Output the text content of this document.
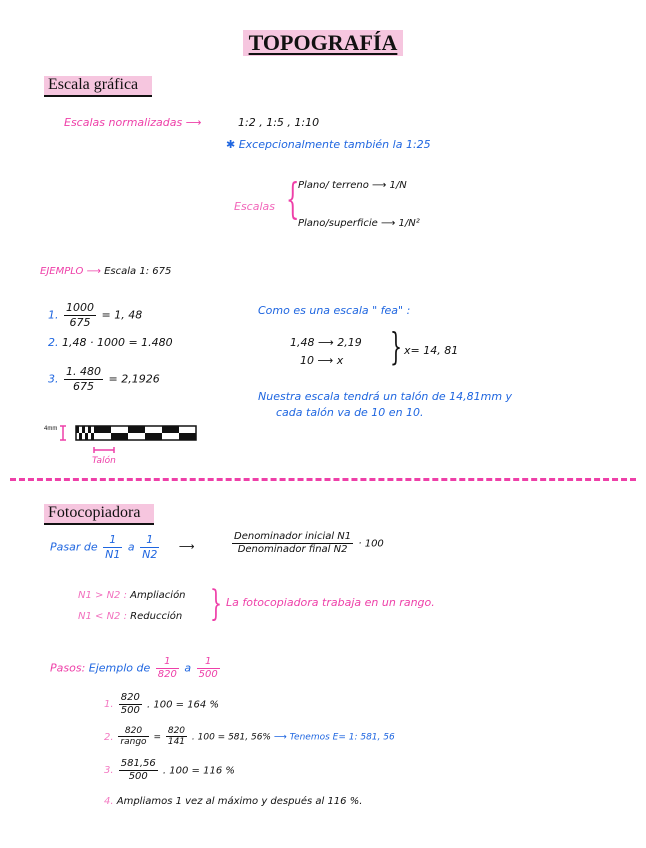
TOPOGRAFÍA
Escala gráfica
Escalas normalizadas ⟶	1:2 , 1:5 , 1:10
✱ Excepcionalmente también la 1:25
Escalas {
Plano/ terreno ⟶ 1/N
Plano/superficie ⟶ 1/N²
EJEMPLO ⟶ Escala 1: 675
1. $\frac{1000}{675} = 1$, 48
2. 1,48 · 1000 = 1.480
3. $\frac{1. 480}{675} = 2,1926$
Como es una escala " fea" :
1,48 ⟶ 2,19
10 ⟶ x } x= 14, 81
Nuestra escala tendrá un talón de 14,81mm y
cada talón va de 10 en 10.
4mm
Talón
Fotocopiadora
Pasar de $\frac{1}{N1}$ a $\frac{1}{N2}$ ⟶	$\frac{\text{Denominador inicial N1}}{\text{Denominador final N2}} \cdot 100$
N1 > N2 : Ampliación
N1 < N2 : Reducción } La fotocopiadora trabaja en un rango.
Pasos: Ejemplo de $\frac{1}{820}$ a $\frac{1}{500}$
1. $\frac{820}{500}$ . 100 = 164 %
2. $\frac{820}{\text{rango}} = \frac{820}{141}$ . 100 = 581, 56% ⟶ Tenemos E= 1: 581, 56
3. $\frac{581,56}{500}$ . 100 = 116 %
4. Ampliamos 1 vez al máximo y después al 116 %.
